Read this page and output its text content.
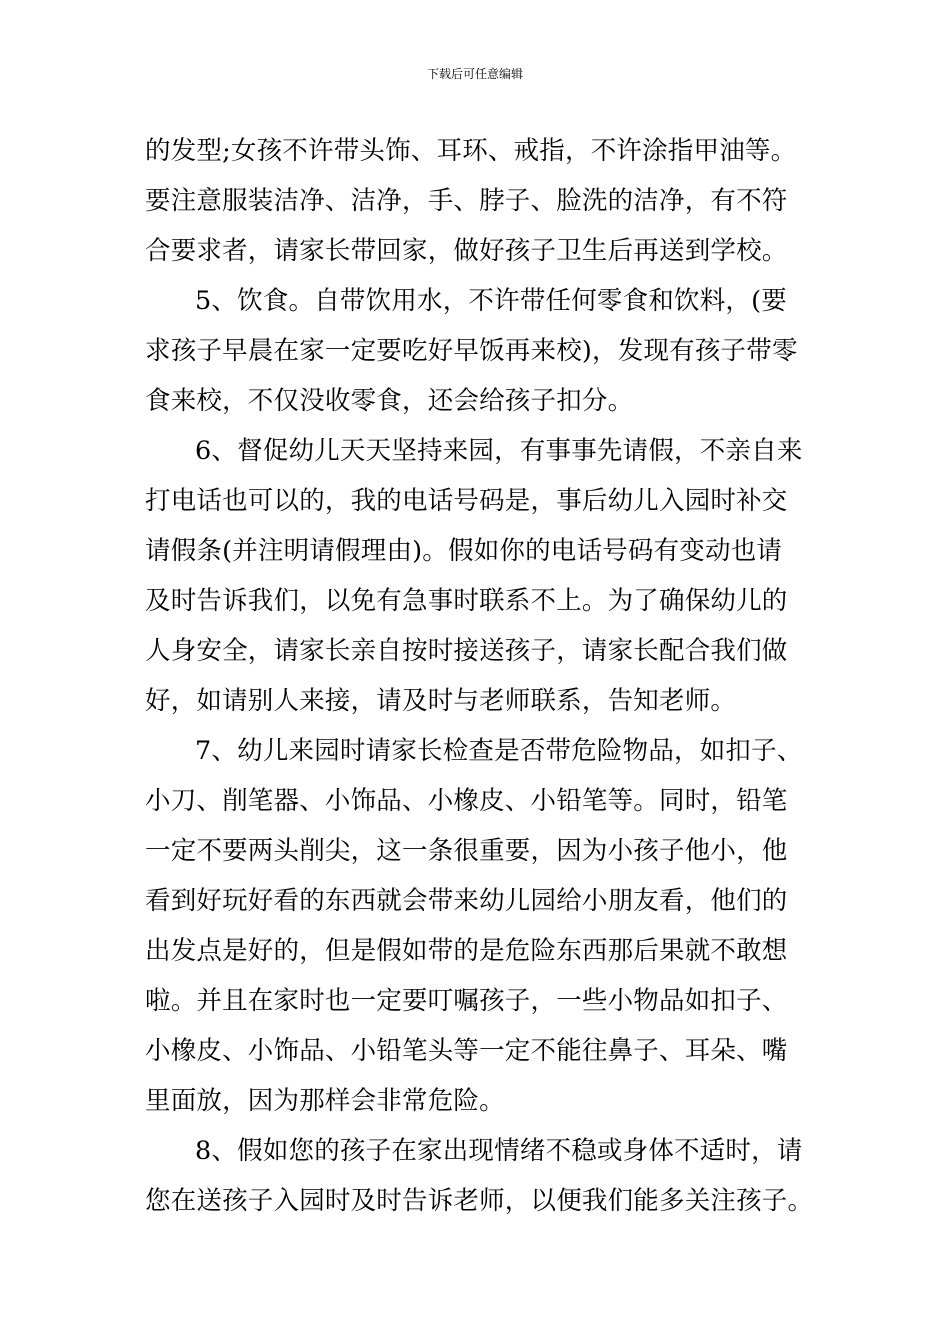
下载后可任意编辑
的发型;女孩不许带头饰、耳环、戒指，不许涂指甲油等。
要注意服装洁净、洁净，手、脖子、脸洗的洁净，有不符
合要求者，请家长带回家，做好孩子卫生后再送到学校。
5、饮食。自带饮用水，不许带任何零食和饮料，(要
求孩子早晨在家一定要吃好早饭再来校)，发现有孩子带零
食来校，不仅没收零食，还会给孩子扣分。
6、督促幼儿天天坚持来园，有事事先请假，不亲自来
打电话也可以的，我的电话号码是，事后幼儿入园时补交
请假条(并注明请假理由)。假如你的电话号码有变动也请
及时告诉我们，以免有急事时联系不上。为了确保幼儿的
人身安全，请家长亲自按时接送孩子，请家长配合我们做
好，如请别人来接，请及时与老师联系，告知老师。
7、幼儿来园时请家长检查是否带危险物品，如扣子、
小刀、削笔器、小饰品、小橡皮、小铅笔等。同时，铅笔
一定不要两头削尖，这一条很重要，因为小孩子他小，他
看到好玩好看的东西就会带来幼儿园给小朋友看，他们的
出发点是好的，但是假如带的是危险东西那后果就不敢想
啦。并且在家时也一定要叮嘱孩子，一些小物品如扣子、
小橡皮、小饰品、小铅笔头等一定不能往鼻子、耳朵、嘴
里面放，因为那样会非常危险。
8、假如您的孩子在家出现情绪不稳或身体不适时，请
您在送孩子入园时及时告诉老师，以便我们能多关注孩子。
